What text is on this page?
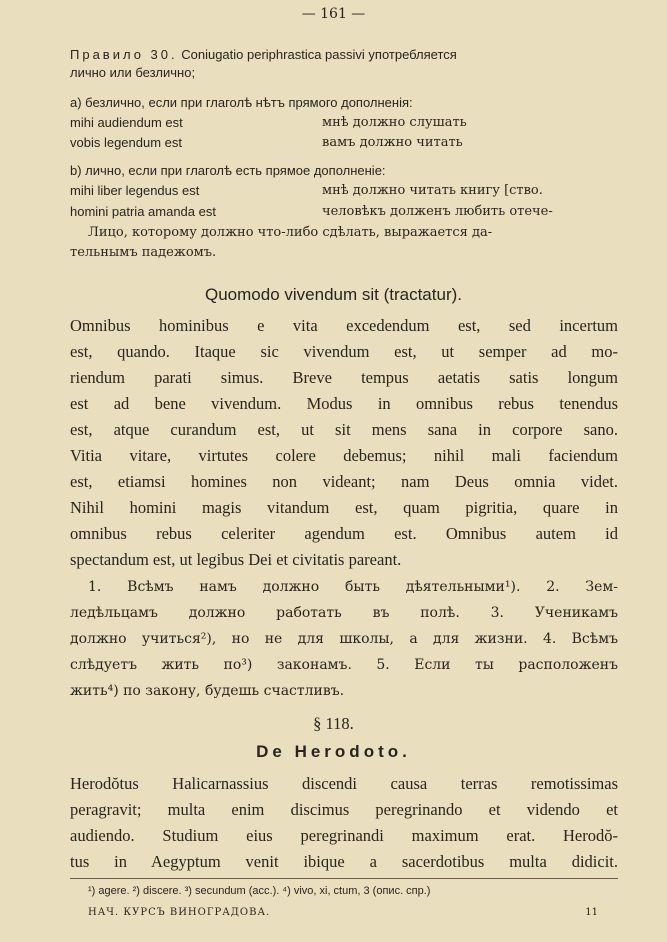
— 161 —
Правило 30. Coniugatio periphrastica passivi употребляется
лично или безлично;
a) безлично, если при глаголѣ нѣтъ прямого дополненія:
mihi audiendum est	мнѣ должно слушать
vobis legendum est	вамъ должно читать
b) лично, если при глаголѣ есть прямое дополненіе:
mihi liber legendus est	мнѣ должно читать книгу [ство.
homini patria amanda est	человѣкъ долженъ любить отече-
Лицо, которому должно что-либо сдѣлать, выражается да-
тельнымъ падежомъ.
Quomodo vivendum sit (tractatur).
Omnibus hominibus e vita excedendum est, sed incertum
est, quando. Itaque sic vivendum est, ut semper ad mo-
riendum parati simus. Breve tempus aetatis satis longum
est ad bene vivendum. Modus in omnibus rebus tenendus
est, atque curandum est, ut sit mens sana in corpore sano.
Vitia vitare, virtutes colere debemus; nihil mali faciendum
est, etiamsi homines non videant; nam Deus omnia videt.
Nihil homini magis vitandum est, quam pigritia, quare in
omnibus rebus celeriter agendum est. Omnibus autem id
spectandum est, ut legibus Dei et civitatis pareant.
1. Всѣмъ намъ должно быть дѣятельными¹). 2. Зем-
ледѣльцамъ должно работать въ полѣ. 3. Ученикамъ
должно учиться²), но не для школы, а для жизни. 4. Всѣмъ
слѣдуетъ жить по³) законамъ. 5. Если ты расположенъ
жить⁴) по закону, будешь счастливъ.
§ 118.
De Herodoto.
Herodŏtus Halicarnassius discendi causa terras remotissimas
peragravit; multa enim discimus peregrinando et videndo et
audiendo. Studium eius peregrinandi maximum erat. Herodŏ-
tus in Aegyptum venit ibique a sacerdotibus multa didicit.
¹) agere. ²) discere. ³) secundum (acc.). ⁴) vivo, xi, ctum, 3 (опис. спр.)
НАЧ. КУРСЪ ВИНОГРАДОВА.	11
